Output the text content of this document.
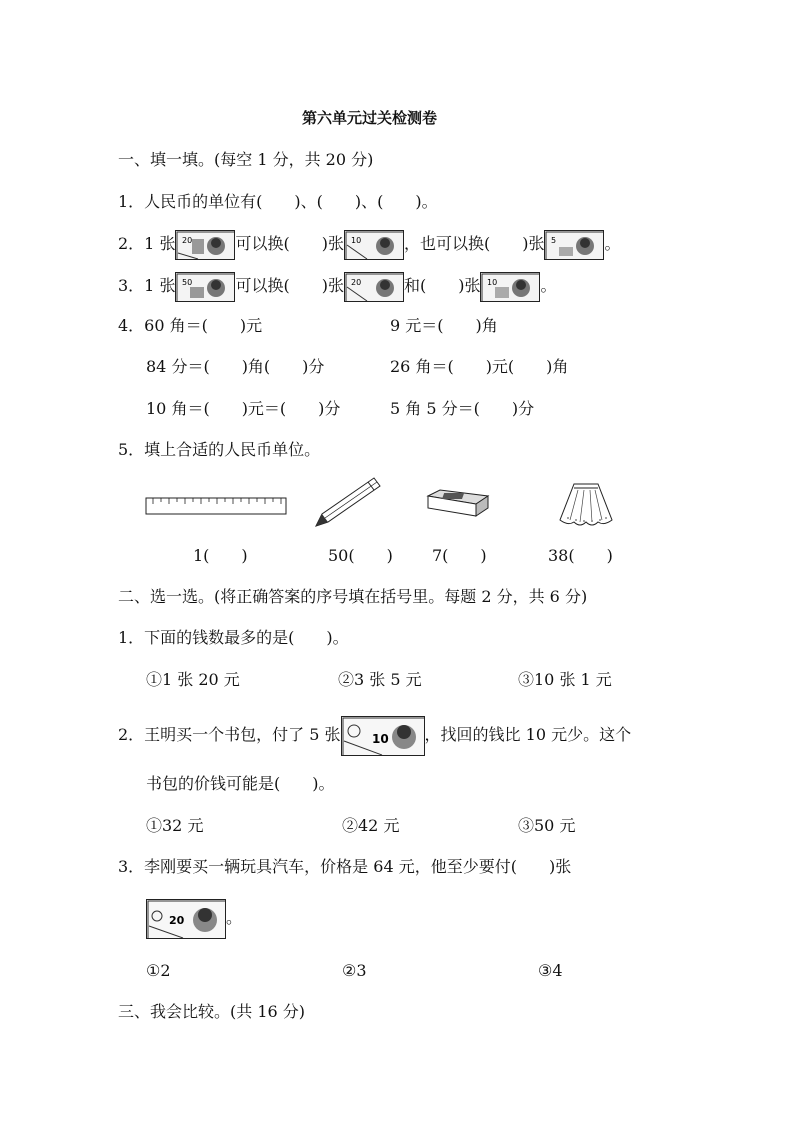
第六单元过关检测卷
一、填一填。(每空 1 分，共 20 分)
1．人民币的单位有(　　)、(　　)、(　　)。
2．1 张 20	可以换(　　)张 10	，也可以换(　　)张 5	。
3．1 张 50	可以换(　　)张 20	和(　　)张 10	。
4．60 角＝(　　)元	9 元＝(　　)角
84 分＝(　　)角(　　)分	26 角＝(　　)元(　　)角
10 角＝(　　)元＝(　　)分	5 角 5 分＝(　　)分
5．填上合适的人民币单位。
1(　　)	50(　　) 7(　　)	38(　　)
二、选一选。(将正确答案的序号填在括号里。每题 2 分，共 6 分)
1．下面的钱数最多的是(　　)。
①1 张 20 元	②3 张 5 元	③10 张 1 元
2．王明买一个书包，付了 5 张	10 ，找回的钱比 10 元少。这个
书包的价钱可能是(　　)。
①32 元	②42 元	③50 元
3．李刚要买一辆玩具汽车，价格是 64 元，他至少要付(　　)张
20	。
①2	②3	③4
三、我会比较。(共 16 分)
